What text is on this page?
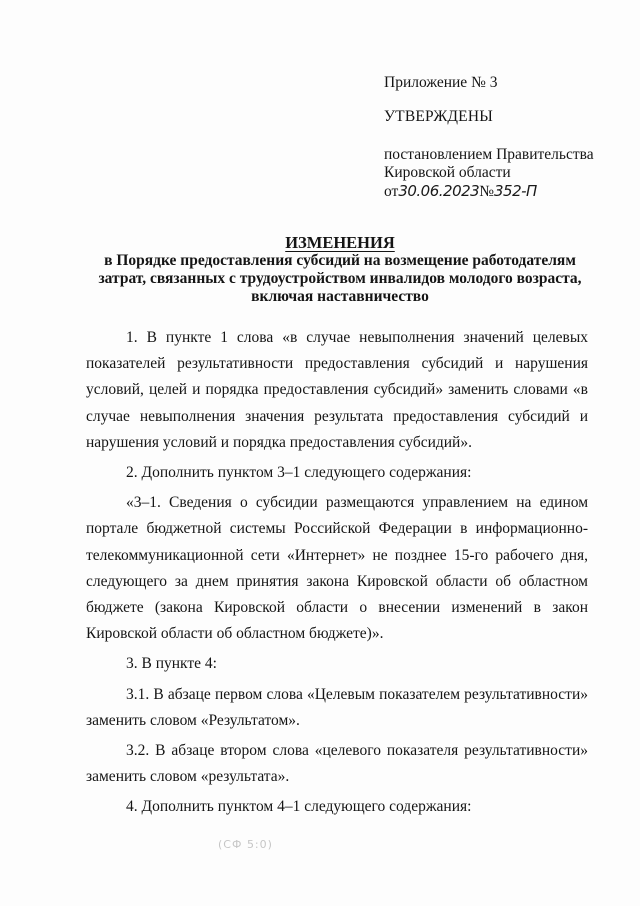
Приложение № 3

УТВЕРЖДЕНЫ

постановлением Правительства

Кировской области

от30.06.2023№352-П

ИЗМЕНЕНИЯ
в Порядке предоставления субсидий на возмещение работодателям
затрат, связанных с трудоустройством инвалидов молодого возраста,
включая наставничество

1. В пункте 1 слова «в случае невыполнения значений целевых показателей результативности предоставления субсидий и нарушения условий, целей и порядка предоставления субсидий» заменить словами «в случае невыполнения значения результата предоставления субсидий и нарушения условий и порядка предоставления субсидий».

2. Дополнить пунктом 3–1 следующего содержания:

«3–1. Сведения о субсидии размещаются управлением на едином портале бюджетной системы Российской Федерации в информационно-телекоммуникационной сети «Интернет» не позднее 15-го рабочего дня, следующего за днем принятия закона Кировской области об областном бюджете (закона Кировской области о внесении изменений в закон Кировской области об областном бюджете)».

3. В пункте 4:

3.1. В абзаце первом слова «Целевым показателем результативности» заменить словом «Результатом».

3.2. В абзаце втором слова «целевого показателя результативности» заменить словом «результата».

4. Дополнить пунктом 4–1 следующего содержания:

(СФ 5:0)
